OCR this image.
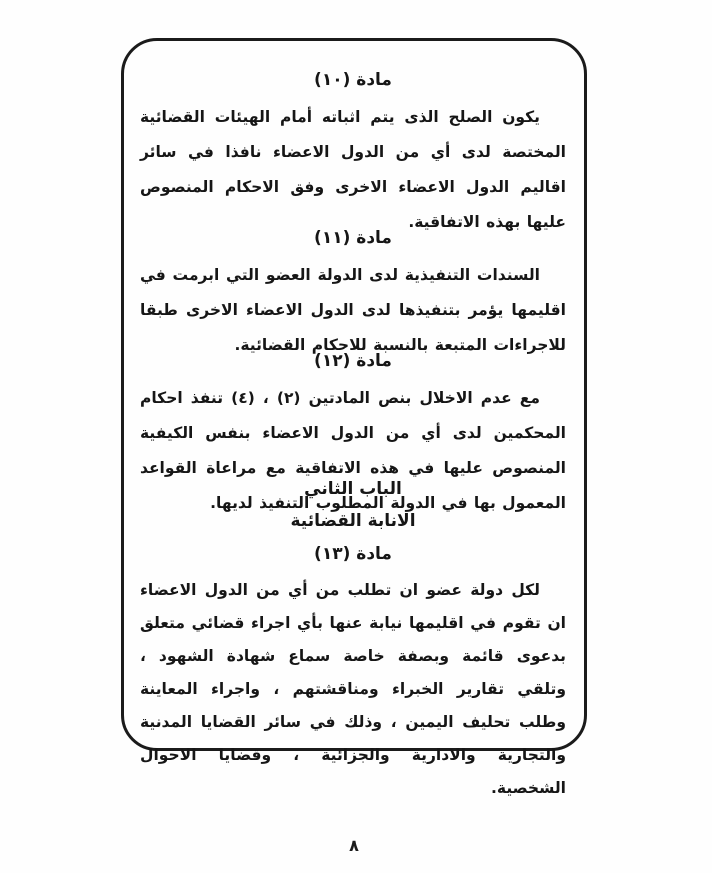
مادة (١٠)

يكون الصلح الذى يتم اثباته أمام الهيئات القضائية المختصة لدى أي من الدول الاعضاء نافذا في سائر اقاليم الدول الاعضاء الاخرى وفق الاحكام المنصوص عليها بهذه الاتفاقية.

مادة (١١)

السندات التنفيذية لدى الدولة العضو التي ابرمت في اقليمها يؤمر بتنفيذها لدى الدول الاعضاء الاخرى طبقا للاجراءات المتبعة بالنسبة للاحكام القضائية.

مادة (١٢)

مع عدم الاخلال بنص المادتين (٢) ، (٤) تنفذ احكام المحكمين لدى أي من الدول الاعضاء بنفس الكيفية المنصوص عليها في هذه الاتفاقية مع مراعاة القواعد المعمول بها في الدولة المطلوب التنفيذ لديها.

الباب الثاني
الانابة القضائية
مادة (١٣)

لكل دولة عضو ان تطلب من أي من الدول الاعضاء ان تقوم في اقليمها نيابة عنها بأي اجراء قضائي متعلق بدعوى قائمة وبصفة خاصة سماع شهادة الشهود ، وتلقي تقارير الخبراء ومناقشتهم ، واجراء المعاينة وطلب تحليف اليمين ، وذلك في سائر القضايا المدنية والتجارية والادارية والجزائية ، وقضايا الاحوال الشخصية.

٨
